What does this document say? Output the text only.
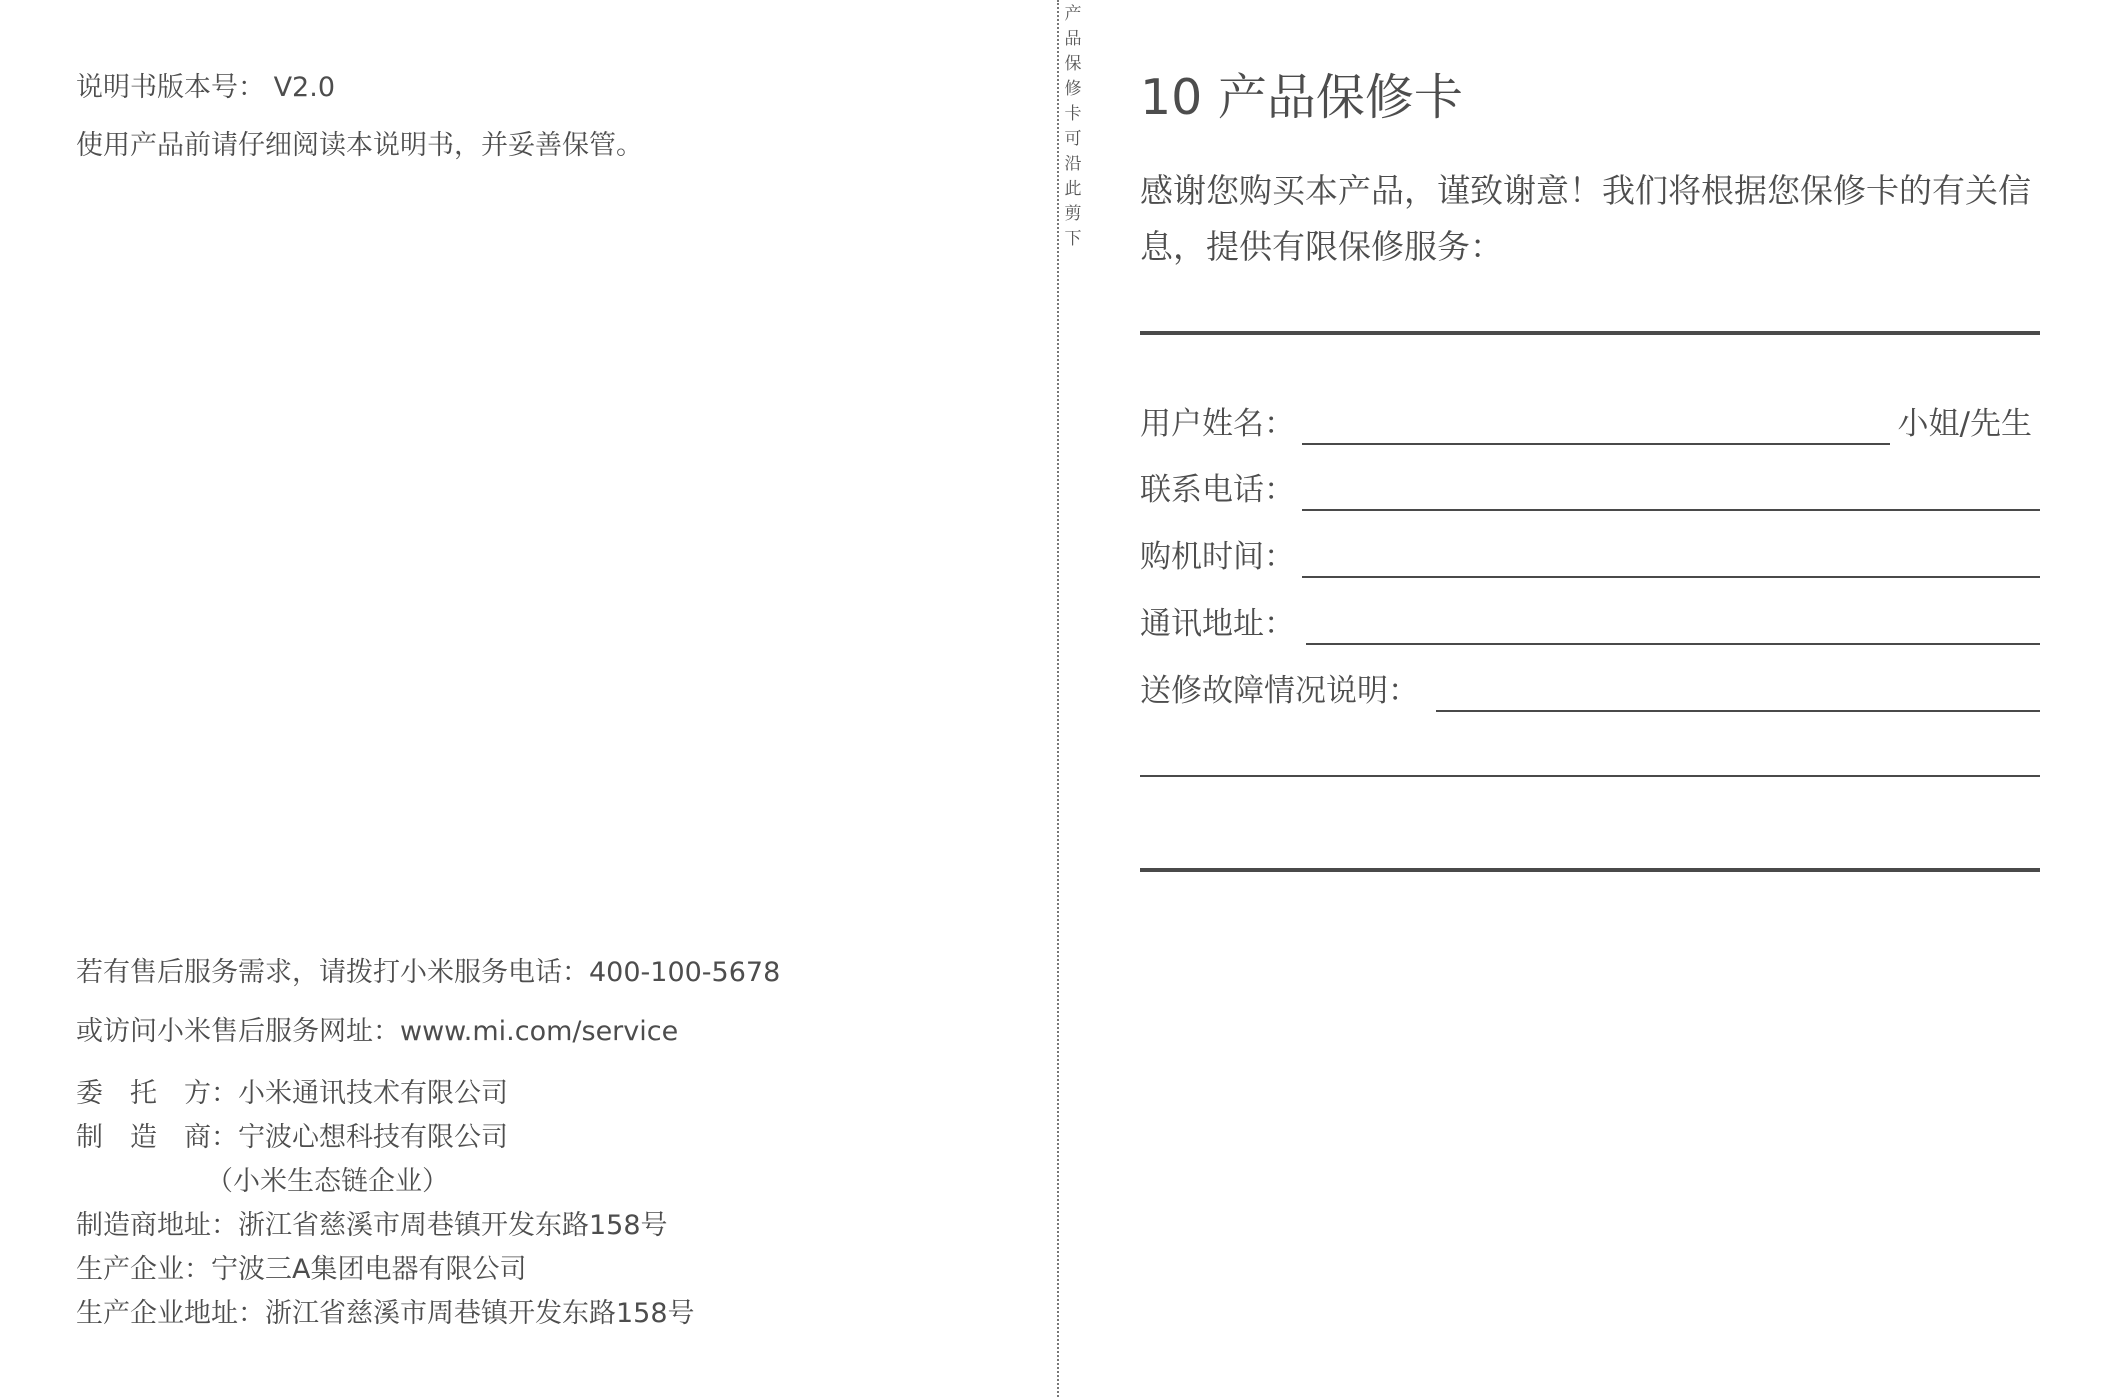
说明书版本号： V2.0
使用产品前请仔细阅读本说明书，并妥善保管。
若有售后服务需求，请拨打小米服务电话：400-100-5678
或访问小米售后服务网址：www.mi.com/service
委　托　方：小米通讯技术有限公司
制　造　商：宁波心想科技有限公司
（小米生态链企业）
制造商地址：浙江省慈溪市周巷镇开发东路158号
生产企业：宁波三A集团电器有限公司
生产企业地址：浙江省慈溪市周巷镇开发东路158号
产品保修卡可沿此剪下
10 产品保修卡
感谢您购买本产品，谨致谢意！我们将根据您保修卡的有关信息，提供有限保修服务：
用户姓名：	小姐/先生
联系电话：
购机时间：
通讯地址：
送修故障情况说明：
